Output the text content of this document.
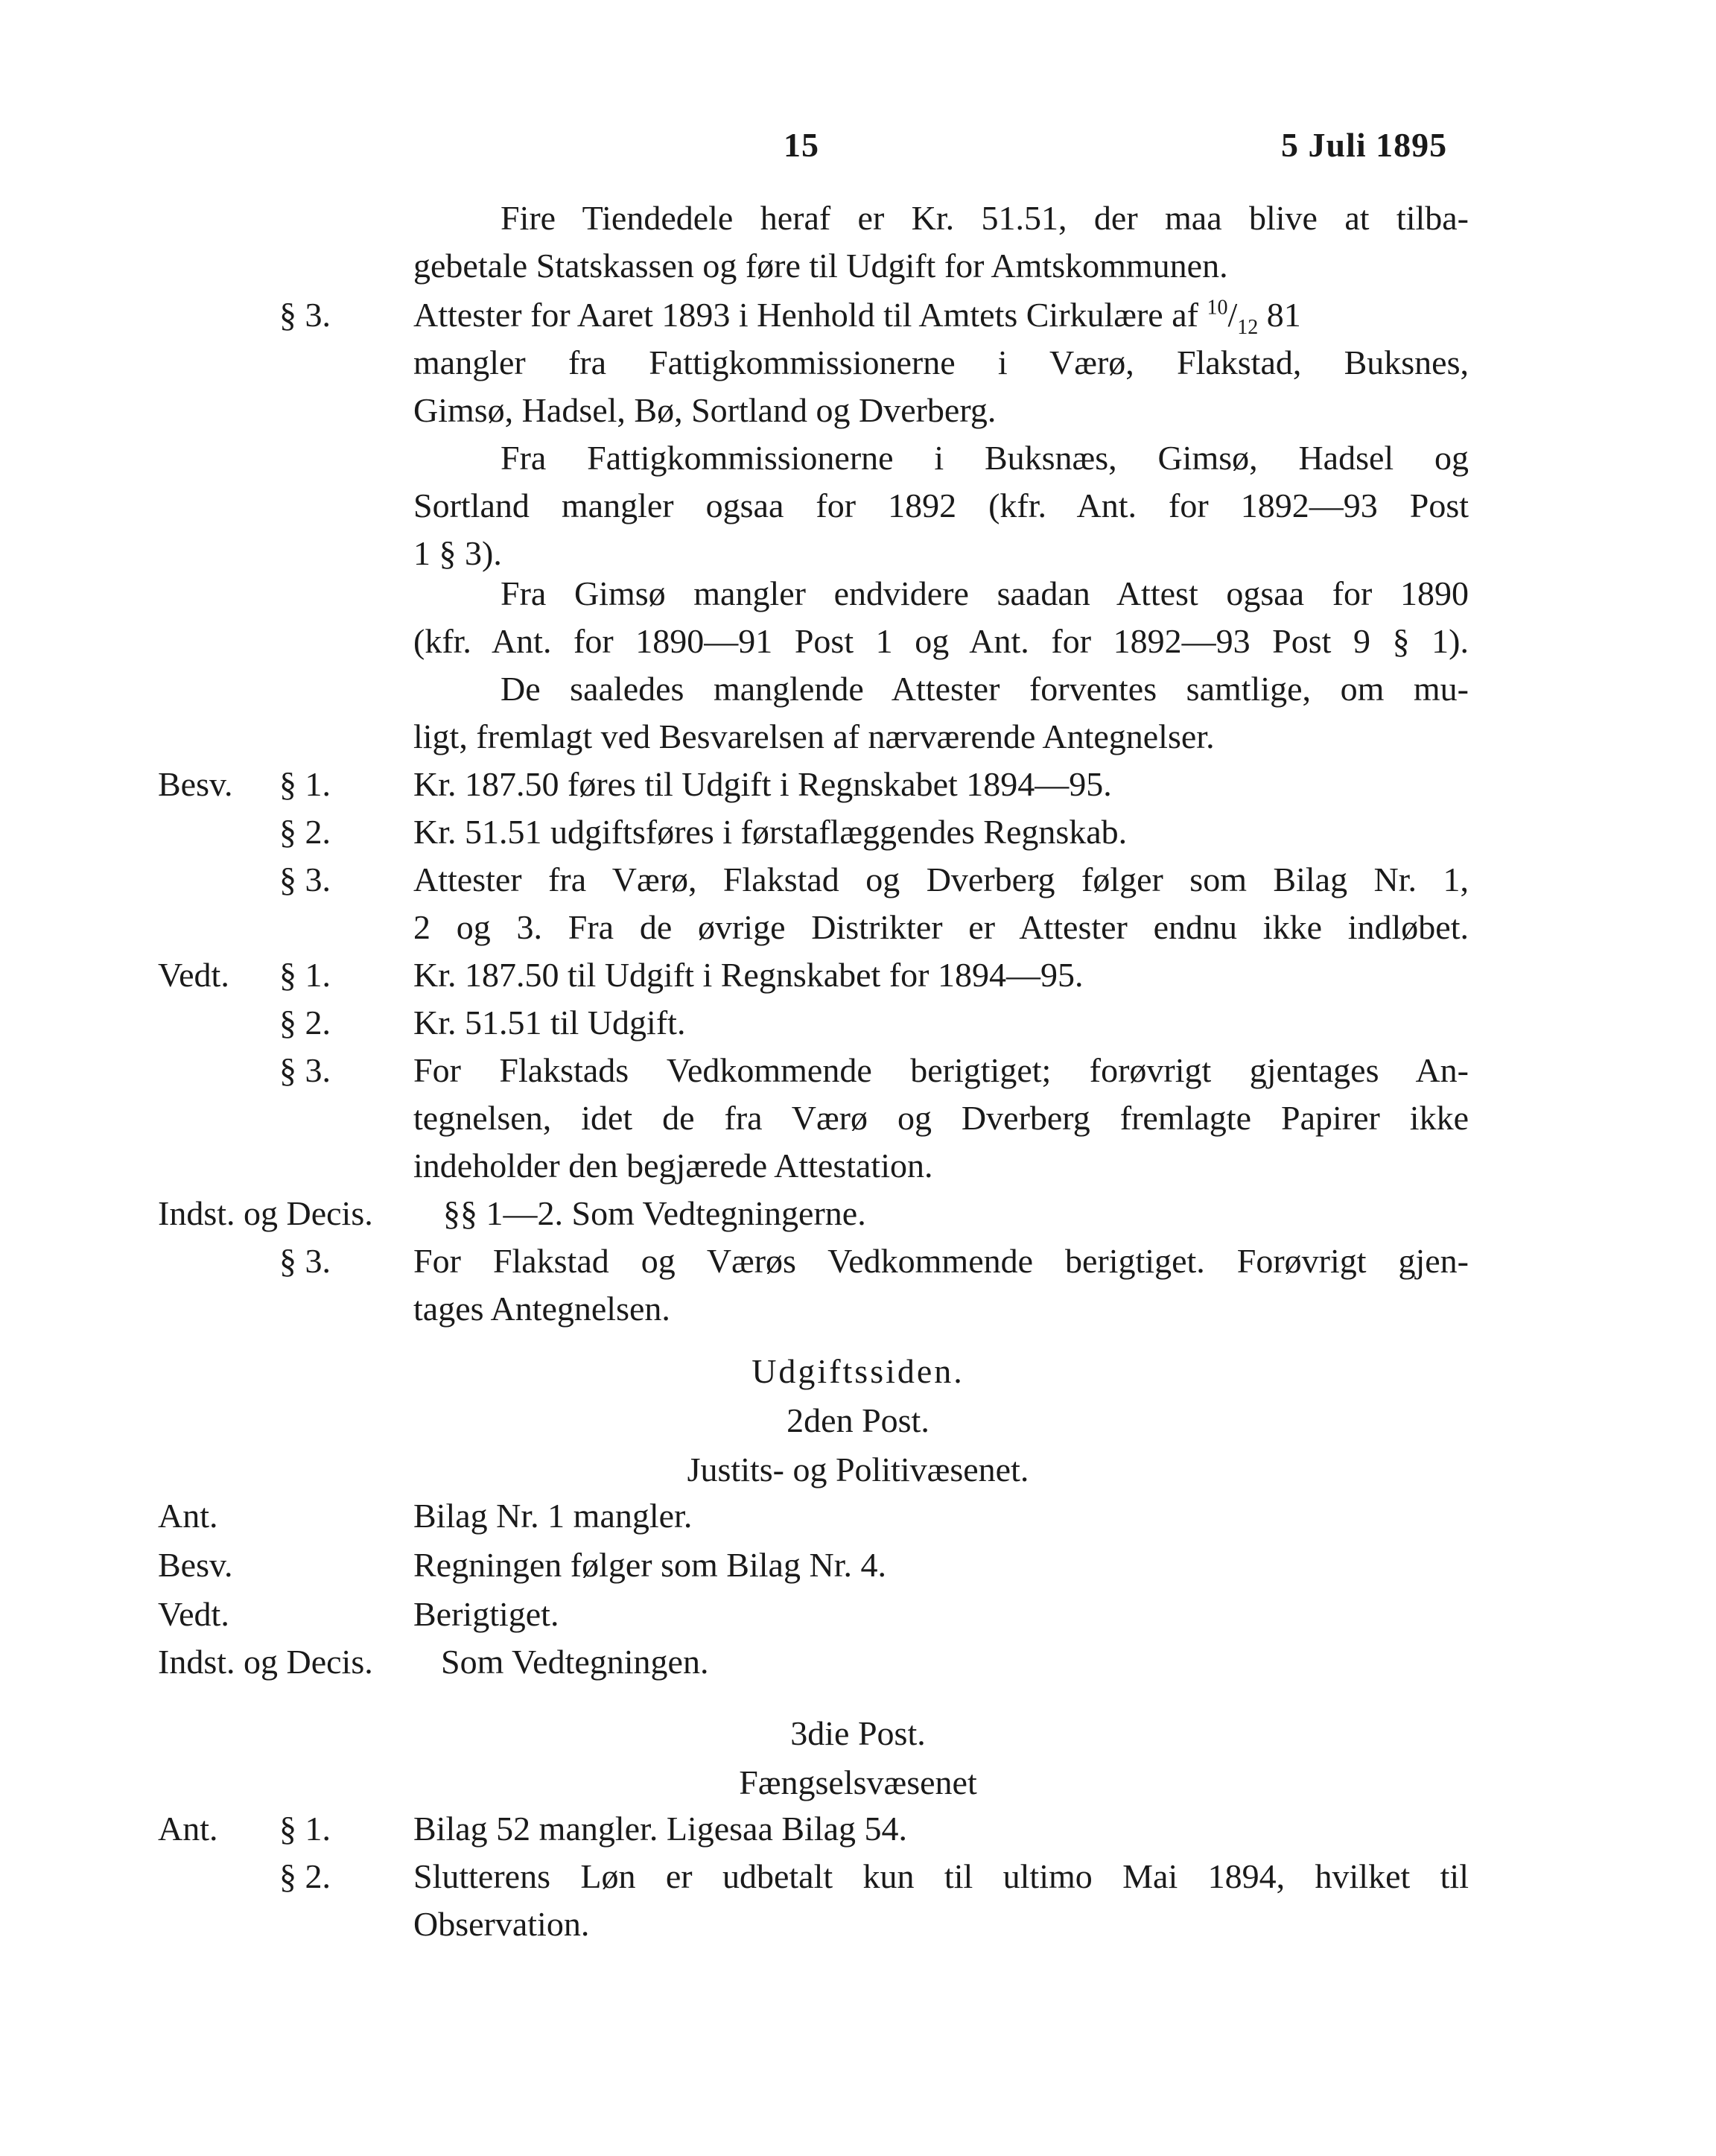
15	5 Juli 1895
Fire Tiendedele heraf er Kr. 51.51, der maa blive at tilba-
gebetale Statskassen og føre til Udgift for Amtskommunen.
§ 3. Attester for Aaret 1893 i Henhold til Amtets Cirkulære af $^{10}/_{12}$ 81
mangler fra Fattigkommissionerne i Værø, Flakstad, Buksnes,
Gimsø, Hadsel, Bø, Sortland og Dverberg.
Fra Fattigkommissionerne i Buksnæs, Gimsø, Hadsel og
Sortland mangler ogsaa for 1892 (kfr. Ant. for 1892—93 Post
1 § 3).
Fra Gimsø mangler endvidere saadan Attest ogsaa for 1890
(kfr. Ant. for 1890—91 Post 1 og Ant. for 1892—93 Post 9 § 1).
De saaledes manglende Attester forventes samtlige, om mu-
ligt, fremlagt ved Besvarelsen af nærværende Antegnelser.
Besv. § 1. Kr. 187.50 føres til Udgift i Regnskabet 1894—95.
§ 2. Kr. 51.51 udgiftsføres i førstaflæggendes Regnskab.
§ 3. Attester fra Værø, Flakstad og Dverberg følger som Bilag Nr. 1,
2 og 3. Fra de øvrige Distrikter er Attester endnu ikke indløbet.
Vedt. § 1. Kr. 187.50 til Udgift i Regnskabet for 1894—95.
§ 2. Kr. 51.51 til Udgift.
§ 3. For Flakstads Vedkommende berigtiget; forøvrigt gjentages An-
tegnelsen, idet de fra Værø og Dverberg fremlagte Papirer ikke
indeholder den begjærede Attestation.
Indst. og Decis. §§ 1—2. Som Vedtegningerne.
§ 3. For Flakstad og Værøs Vedkommende berigtiget. Forøvrigt gjen-
tages Antegnelsen.
Udgiftssiden.
2den Post.
Justits- og Politivæsenet.
Ant.	Bilag Nr. 1 mangler.
Besv.	Regningen følger som Bilag Nr. 4.
Vedt.	Berigtiget.
Indst. og Decis. Som Vedtegningen.
3die Post.
Fængselsvæsenet
Ant. § 1. Bilag 52 mangler. Ligesaa Bilag 54.
§ 2. Slutterens Løn er udbetalt kun til ultimo Mai 1894, hvilket til
Observation.
